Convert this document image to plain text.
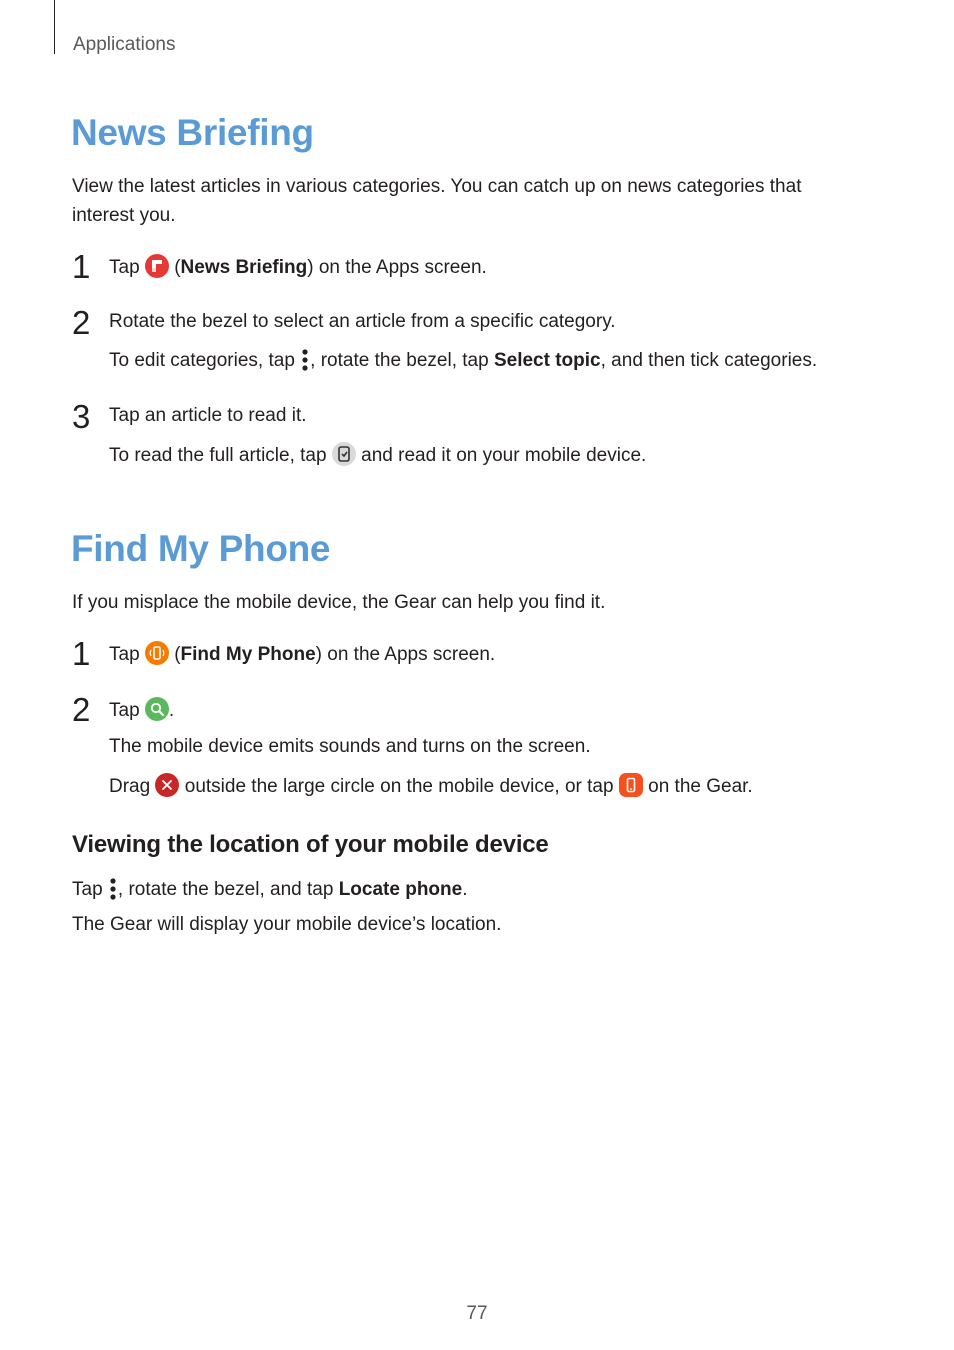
Applications
News Briefing
View the latest articles in various categories. You can catch up on news categories that interest you.
1 Tap (News Briefing) on the Apps screen.
2 Rotate the bezel to select an article from a specific category.
To edit categories, tap , rotate the bezel, tap Select topic, and then tick categories.
3 Tap an article to read it.
To read the full article, tap and read it on your mobile device.
Find My Phone
If you misplace the mobile device, the Gear can help you find it.
1 Tap (Find My Phone) on the Apps screen.
2 Tap .
The mobile device emits sounds and turns on the screen.
Drag outside the large circle on the mobile device, or tap on the Gear.
Viewing the location of your mobile device
Tap , rotate the bezel, and tap Locate phone.
The Gear will display your mobile device’s location.
77
